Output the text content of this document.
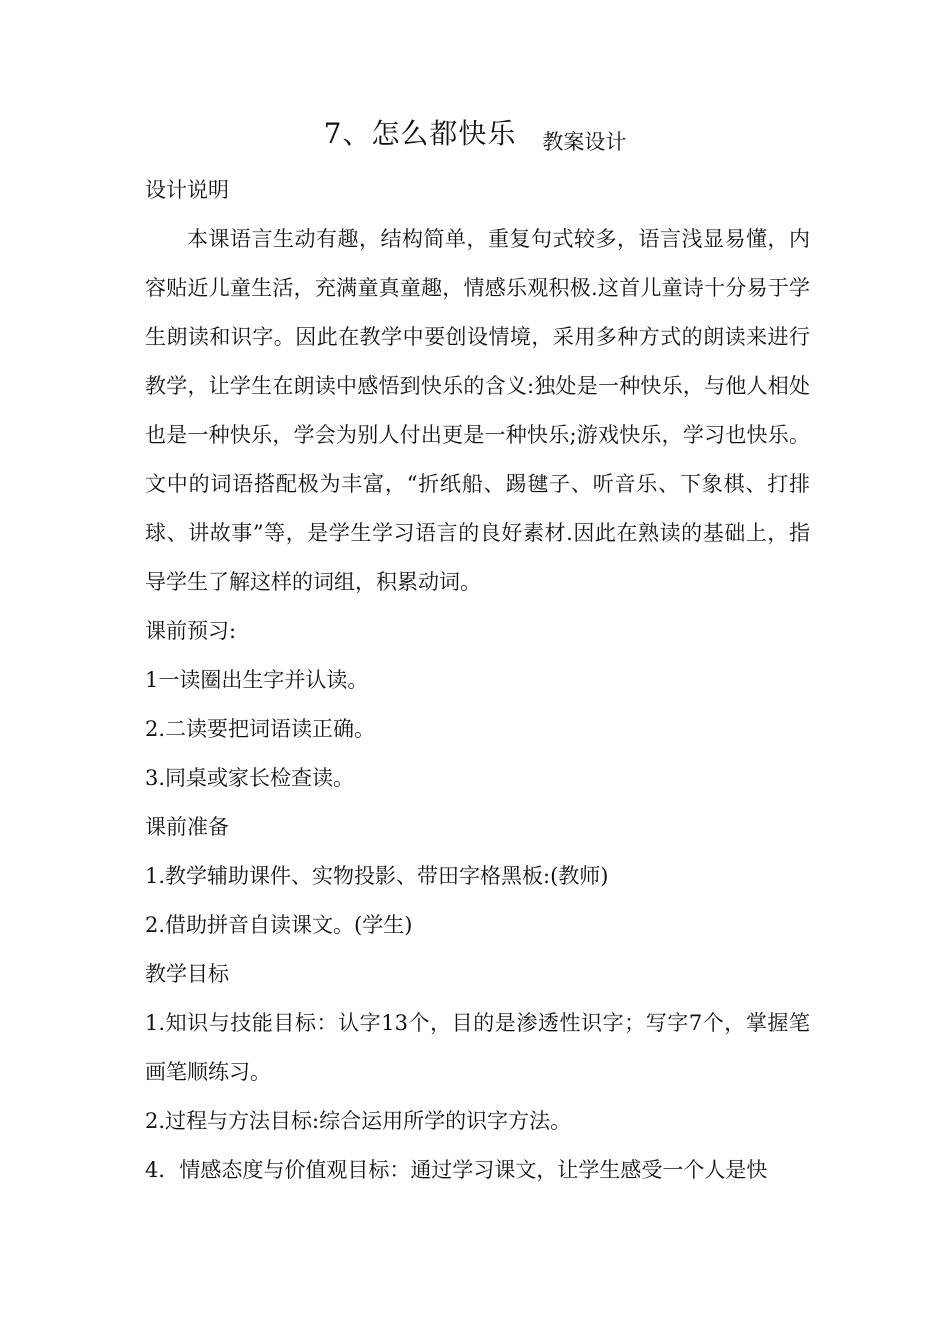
7、怎么都快乐 教案设计
设计说明

本课语言生动有趣，结构简单，重复句式较多，语言浅显易懂，内容贴近儿童生活，充满童真童趣，情感乐观积极.这首儿童诗十分易于学生朗读和识字。因此在教学中要创设情境，采用多种方式的朗读来进行教学，让学生在朗读中感悟到快乐的含义:独处是一种快乐，与他人相处也是一种快乐，学会为别人付出更是一种快乐;游戏快乐，学习也快乐。文中的词语搭配极为丰富，“折纸船、踢毽子、听音乐、下象棋、打排球、讲故事”等，是学生学习语言的良好素材.因此在熟读的基础上，指导学生了解这样的词组，积累动词。

课前预习:
1一读圈出生字并认读。
2.二读要把词语读正确。
3.同桌或家长检查读。
课前准备
1.教学辅助课件、实物投影、带田字格黑板:(教师)
2.借助拼音自读课文。(学生)
教学目标
1.知识与技能目标：认字13个，目的是渗透性识字；写字7个，掌握笔画笔顺练习。
2.过程与方法目标:综合运用所学的识字方法。
4．情感态度与价值观目标：通过学习课文，让学生感受一个人是快
